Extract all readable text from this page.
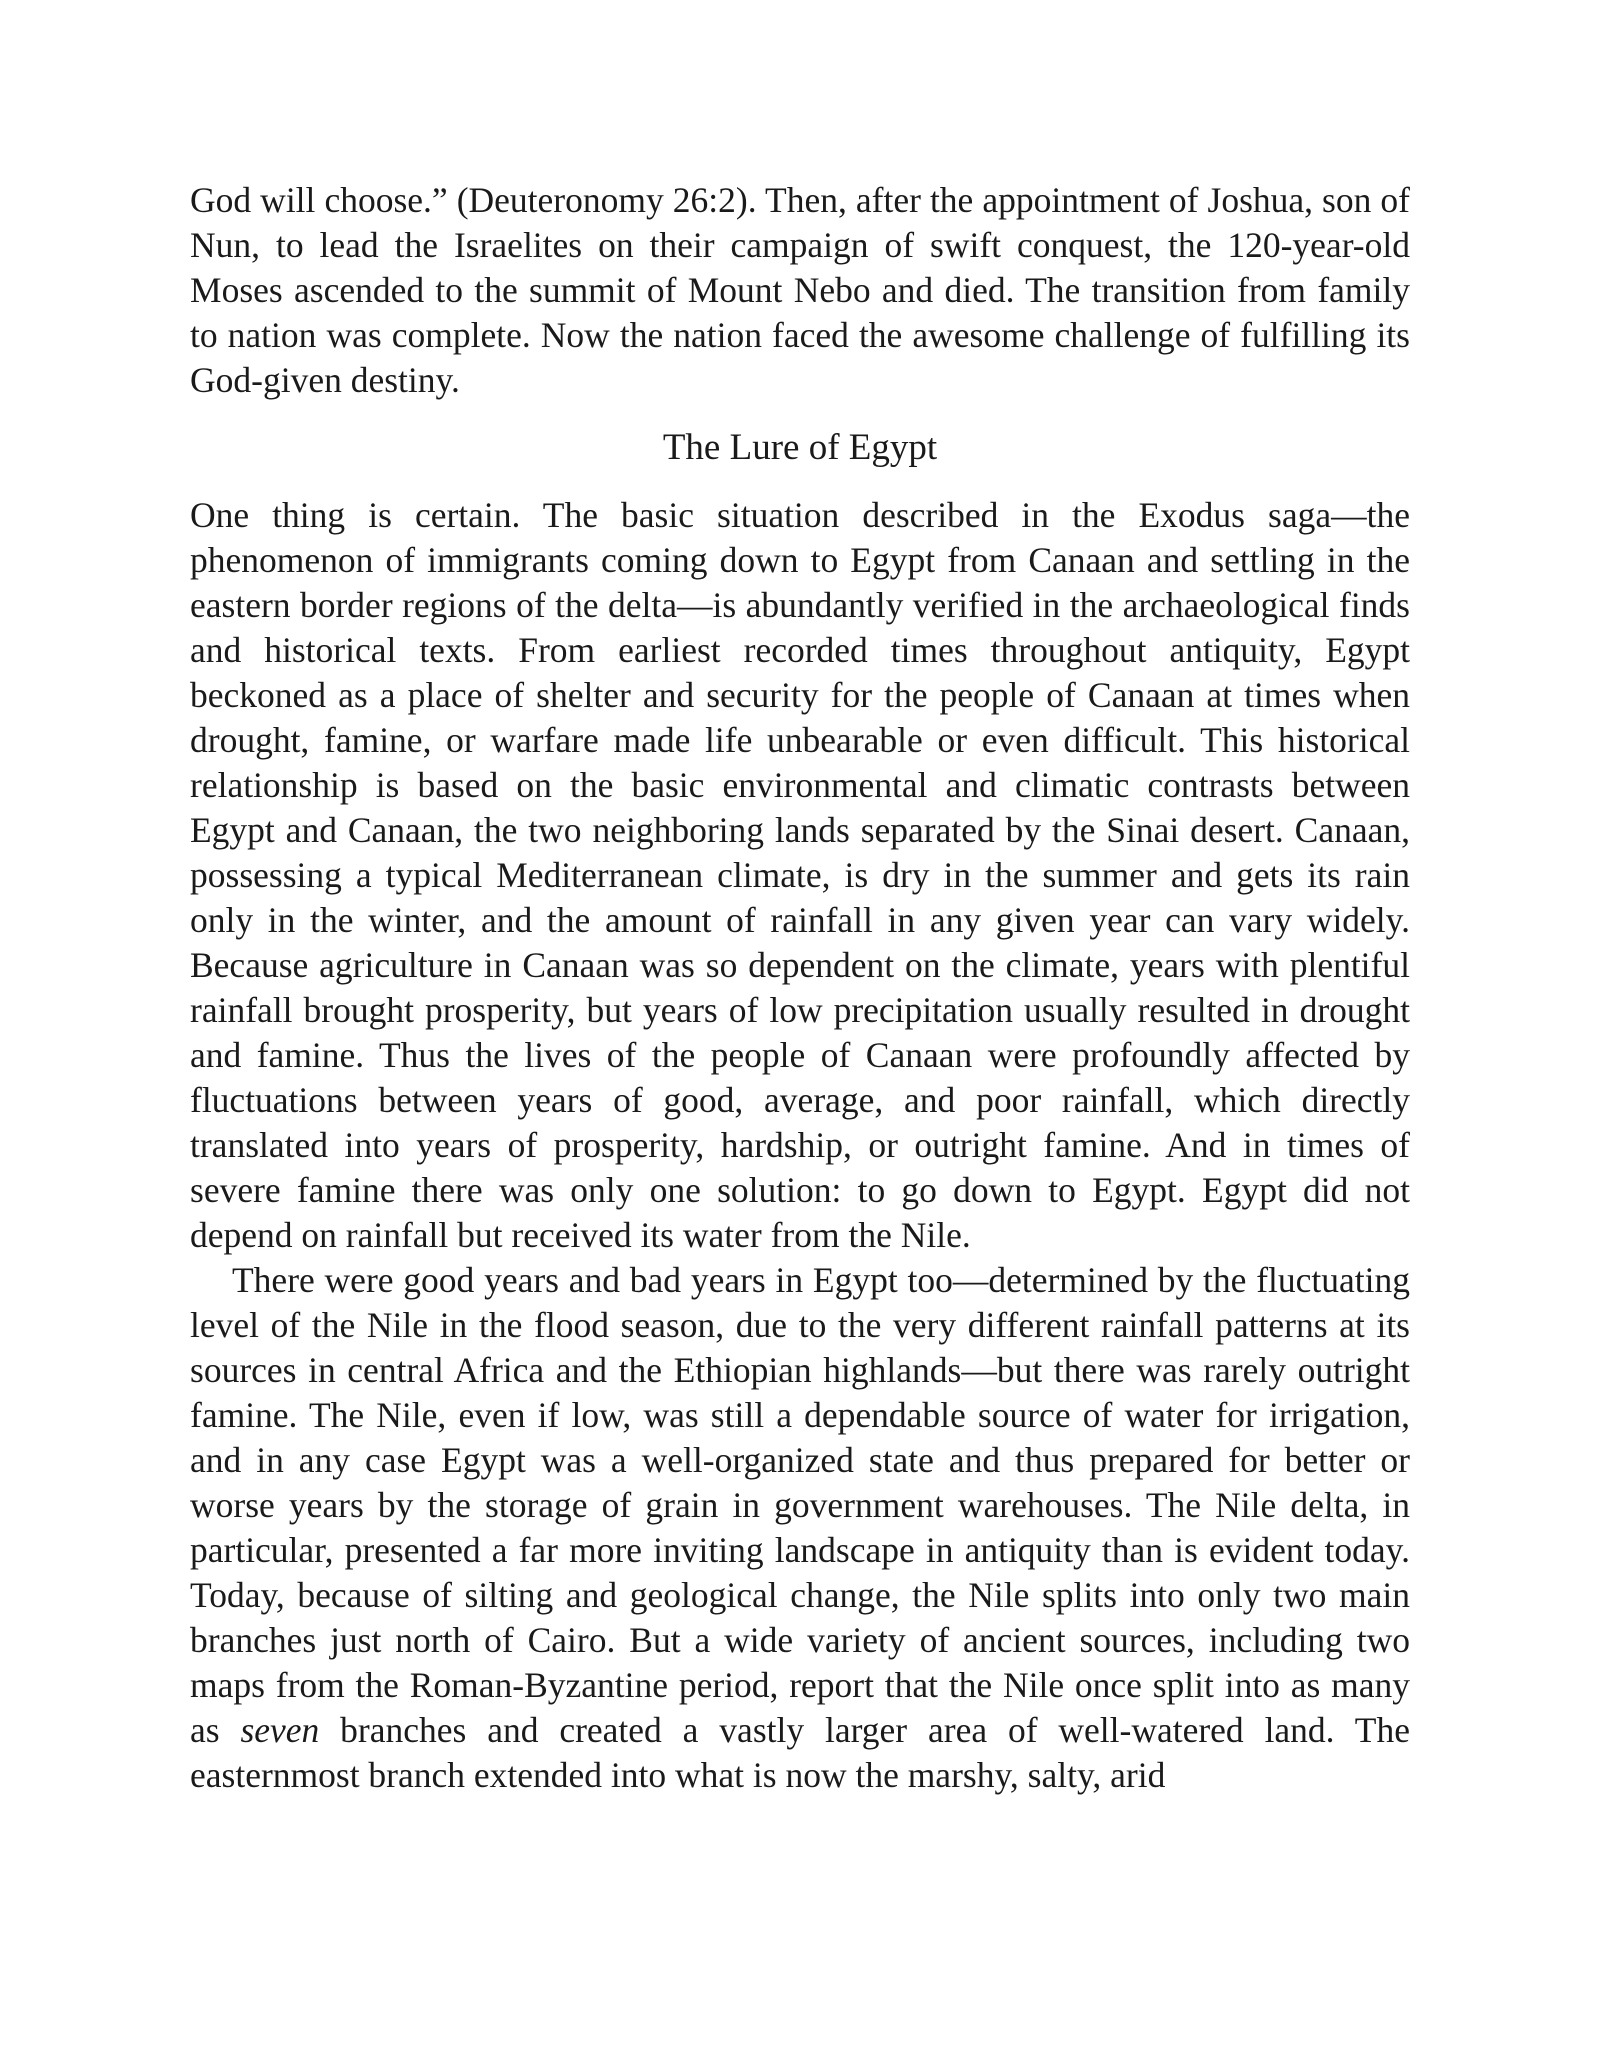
God will choose.” (Deuteronomy 26:2). Then, after the appointment of Joshua, son of Nun, to lead the Israelites on their campaign of swift conquest, the 120-year-old Moses ascended to the summit of Mount Nebo and died. The transition from family to nation was complete. Now the nation faced the awesome challenge of fulfilling its God-given destiny.

The Lure of Egypt

One thing is certain. The basic situation described in the Exodus saga—the phenomenon of immigrants coming down to Egypt from Canaan and settling in the eastern border regions of the delta—is abundantly verified in the archaeological finds and historical texts. From earliest recorded times throughout antiquity, Egypt beckoned as a place of shelter and security for the people of Canaan at times when drought, famine, or warfare made life unbearable or even difficult. This historical relationship is based on the basic environmental and climatic contrasts between Egypt and Canaan, the two neighboring lands separated by the Sinai desert. Canaan, possessing a typical Mediterranean climate, is dry in the summer and gets its rain only in the winter, and the amount of rainfall in any given year can vary widely. Because agriculture in Canaan was so dependent on the climate, years with plentiful rainfall brought prosperity, but years of low precipitation usually resulted in drought and famine. Thus the lives of the people of Canaan were profoundly affected by fluctuations between years of good, average, and poor rainfall, which directly translated into years of prosperity, hardship, or outright famine. And in times of severe famine there was only one solution: to go down to Egypt. Egypt did not depend on rainfall but received its water from the Nile.

There were good years and bad years in Egypt too—determined by the fluctuating level of the Nile in the flood season, due to the very different rainfall patterns at its sources in central Africa and the Ethiopian highlands—but there was rarely outright famine. The Nile, even if low, was still a dependable source of water for irrigation, and in any case Egypt was a well-organized state and thus prepared for better or worse years by the storage of grain in government warehouses. The Nile delta, in particular, presented a far more inviting landscape in antiquity than is evident today. Today, because of silting and geological change, the Nile splits into only two main branches just north of Cairo. But a wide variety of ancient sources, including two maps from the Roman-Byzantine period, report that the Nile once split into as many as seven branches and created a vastly larger area of well-watered land. The easternmost branch extended into what is now the marshy, salty, arid
